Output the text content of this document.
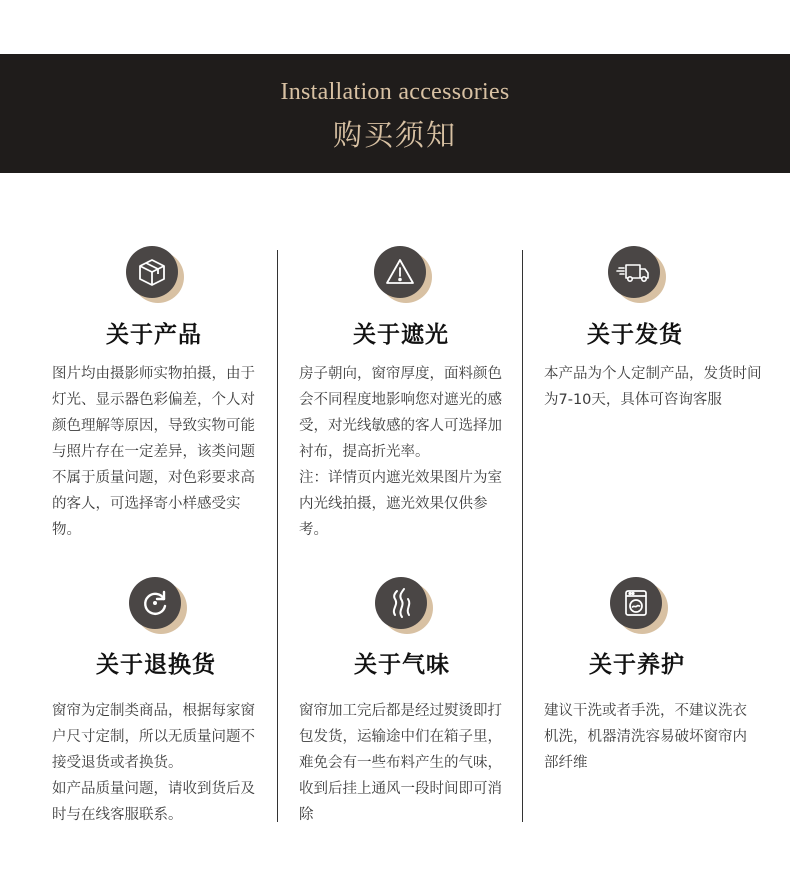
Installation accessories
购买须知
关于产品

图片均由摄影师实物拍摄，由于灯光、显示器色彩偏差，个人对颜色理解等原因，导致实物可能与照片存在一定差异，该类问题不属于质量问题，对色彩要求高的客人，可选择寄小样感受实物。

关于遮光

房子朝向，窗帘厚度，面料颜色会不同程度地影响您对遮光的感受，对光线敏感的客人可选择加衬布，提高折光率。

注：详情页内遮光效果图片为室内光线拍摄，遮光效果仅供参考。

关于发货

本产品为个人定制产品，发货时间为7-10天，具体可咨询客服

关于退换货

窗帘为定制类商品，根据每家窗户尺寸定制，所以无质量问题不接受退货或者换货。

如产品质量问题，请收到货后及时与在线客服联系。

关于气味

窗帘加工完后都是经过熨烫即打包发货，运输途中们在箱子里，难免会有一些布料产生的气味，收到后挂上通风一段时间即可消除

关于养护

建议干洗或者手洗，不建议洗衣机洗，机器清洗容易破坏窗帘内部纤维
